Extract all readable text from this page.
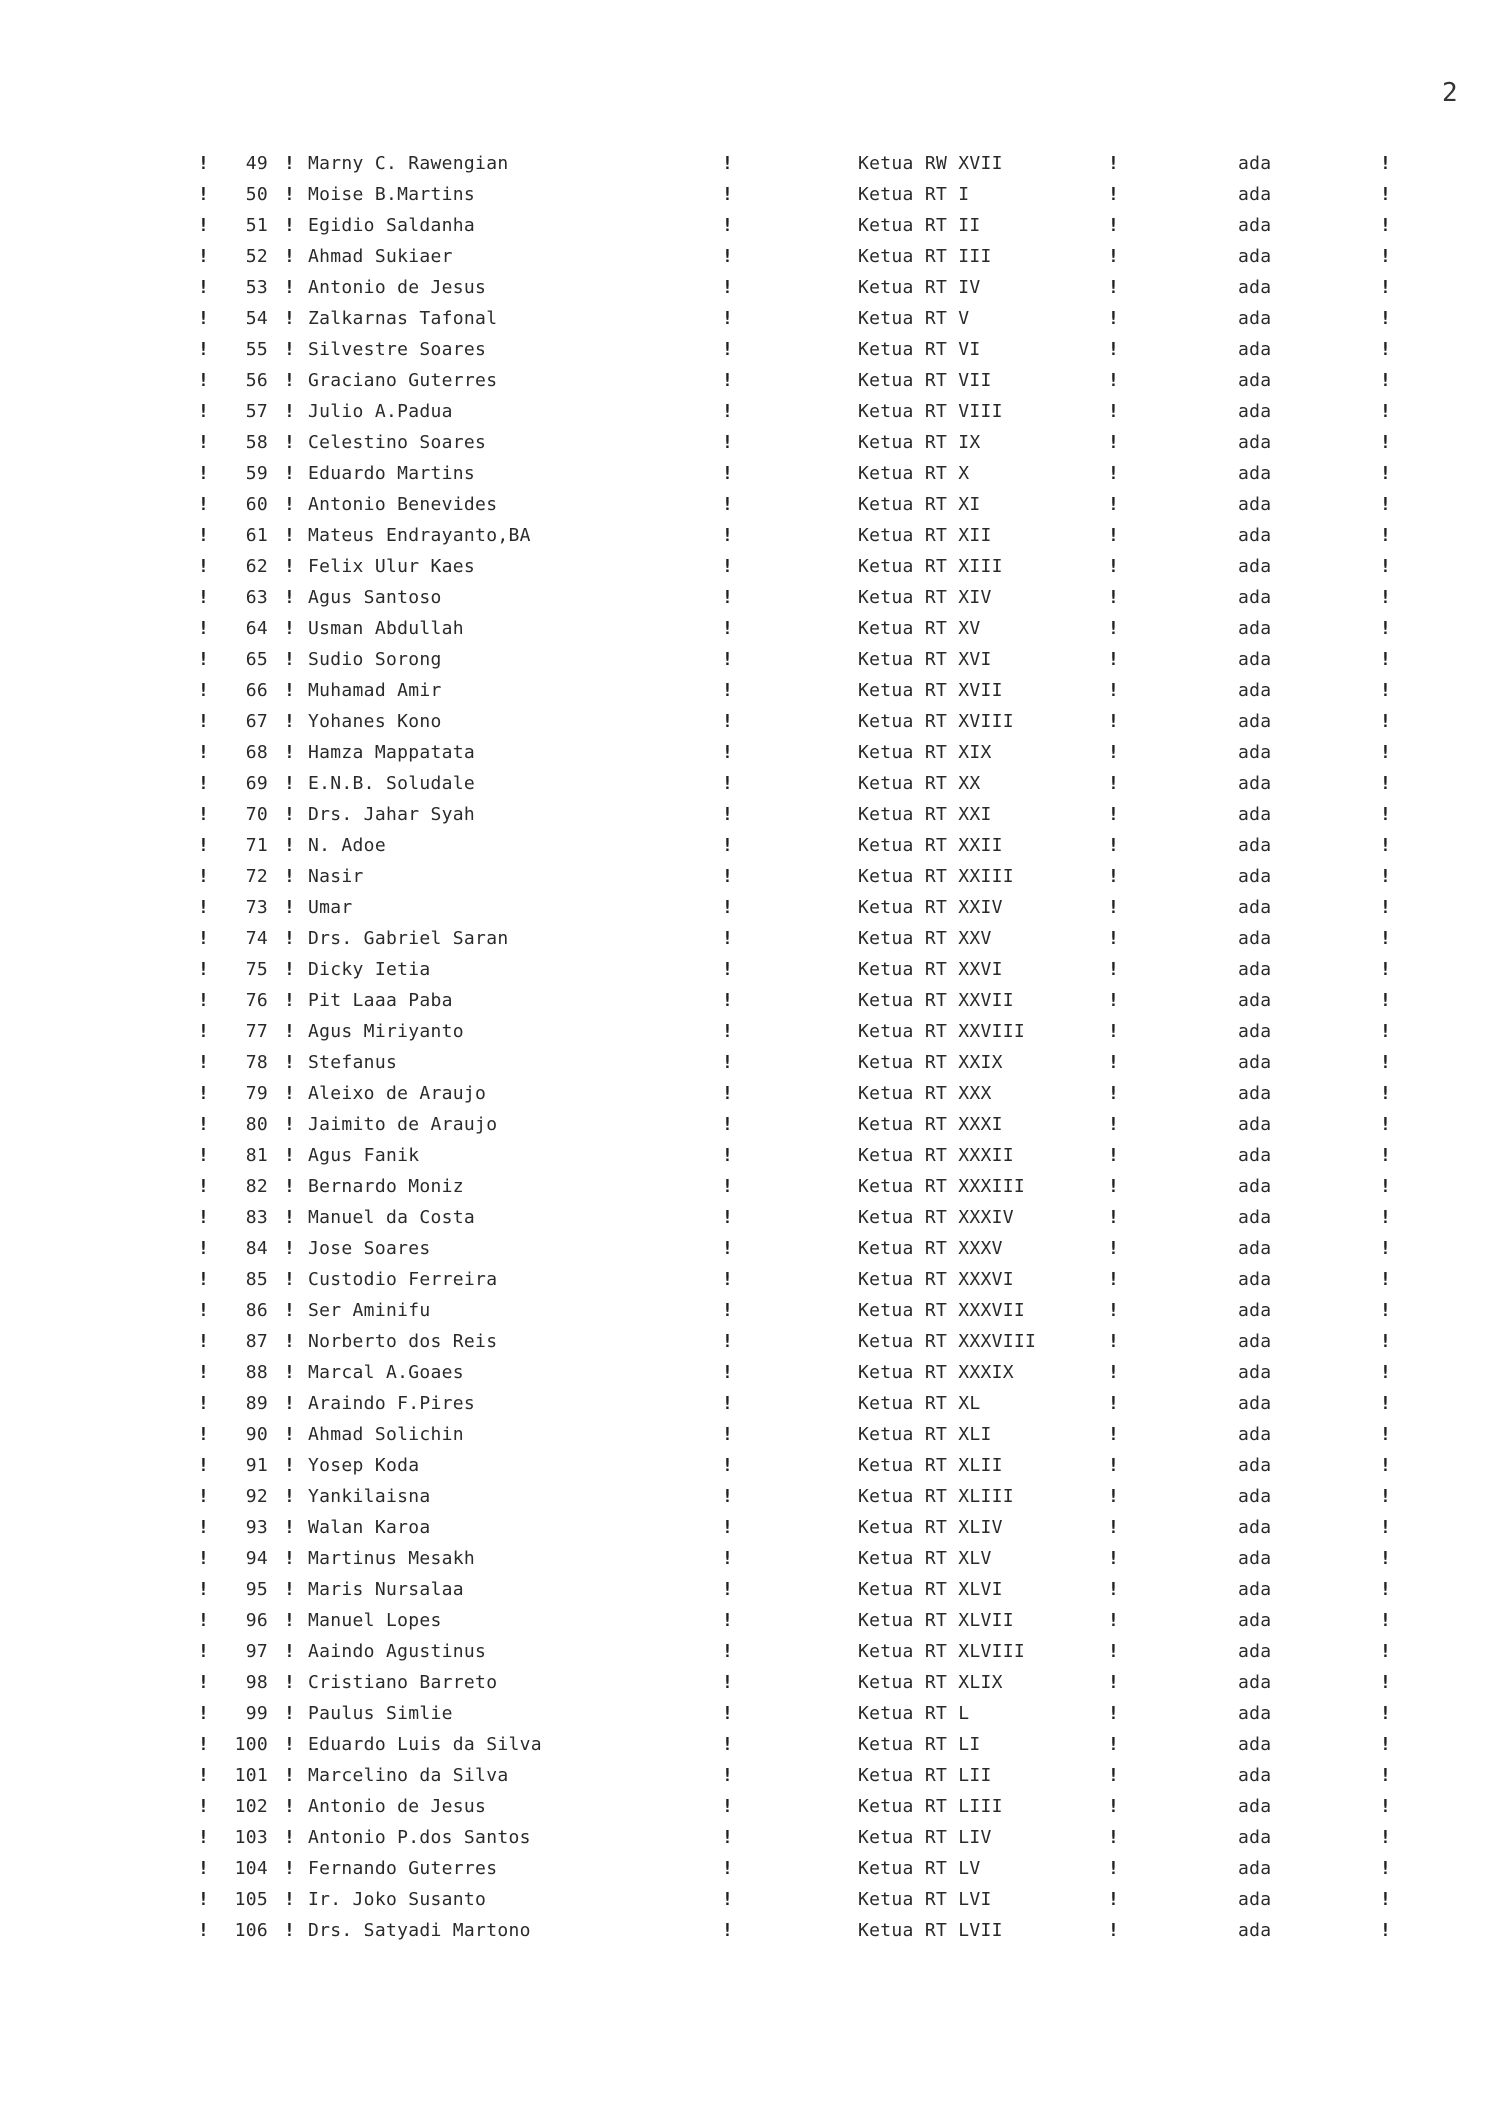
2
!	49 ! Marny C. Rawengian	!	Ketua RW XVII	!	ada	!
!	50 ! Moise B.Martins	!	Ketua RT I	!	ada	!
!	51 ! Egidio Saldanha	!	Ketua RT II	!	ada	!
!	52 ! Ahmad Sukiaer	!	Ketua RT III	!	ada	!
!	53 ! Antonio de Jesus	!	Ketua RT IV	!	ada	!
!	54 ! Zalkarnas Tafonal	!	Ketua RT V	!	ada	!
!	55 ! Silvestre Soares	!	Ketua RT VI	!	ada	!
!	56 ! Graciano Guterres	!	Ketua RT VII	!	ada	!
!	57 ! Julio A.Padua	!	Ketua RT VIII	!	ada	!
!	58 ! Celestino Soares	!	Ketua RT IX	!	ada	!
!	59 ! Eduardo Martins	!	Ketua RT X	!	ada	!
!	60 ! Antonio Benevides	!	Ketua RT XI	!	ada	!
!	61 ! Mateus Endrayanto,BA	!	Ketua RT XII	!	ada	!
!	62 ! Felix Ulur Kaes	!	Ketua RT XIII	!	ada	!
!	63 ! Agus Santoso	!	Ketua RT XIV	!	ada	!
!	64 ! Usman Abdullah	!	Ketua RT XV	!	ada	!
!	65 ! Sudio Sorong	!	Ketua RT XVI	!	ada	!
!	66 ! Muhamad Amir	!	Ketua RT XVII	!	ada	!
!	67 ! Yohanes Kono	!	Ketua RT XVIII	!	ada	!
!	68 ! Hamza Mappatata	!	Ketua RT XIX	!	ada	!
!	69 ! E.N.B. Soludale	!	Ketua RT XX	!	ada	!
!	70 ! Drs. Jahar Syah	!	Ketua RT XXI	!	ada	!
!	71 ! N. Adoe	!	Ketua RT XXII	!	ada	!
!	72 ! Nasir	!	Ketua RT XXIII	!	ada	!
!	73 ! Umar	!	Ketua RT XXIV	!	ada	!
!	74 ! Drs. Gabriel Saran	!	Ketua RT XXV	!	ada	!
!	75 ! Dicky Ietia	!	Ketua RT XXVI	!	ada	!
!	76 ! Pit Laaa Paba	!	Ketua RT XXVII	!	ada	!
!	77 ! Agus Miriyanto	!	Ketua RT XXVIII	!	ada	!
!	78 ! Stefanus	!	Ketua RT XXIX	!	ada	!
!	79 ! Aleixo de Araujo	!	Ketua RT XXX	!	ada	!
!	80 ! Jaimito de Araujo	!	Ketua RT XXXI	!	ada	!
!	81 ! Agus Fanik	!	Ketua RT XXXII	!	ada	!
!	82 ! Bernardo Moniz	!	Ketua RT XXXIII	!	ada	!
!	83 ! Manuel da Costa	!	Ketua RT XXXIV	!	ada	!
!	84 ! Jose Soares	!	Ketua RT XXXV	!	ada	!
!	85 ! Custodio Ferreira	!	Ketua RT XXXVI	!	ada	!
!	86 ! Ser Aminifu	!	Ketua RT XXXVII	!	ada	!
!	87 ! Norberto dos Reis	!	Ketua RT XXXVIII	!	ada	!
!	88 ! Marcal A.Goaes	!	Ketua RT XXXIX	!	ada	!
!	89 ! Araindo F.Pires	!	Ketua RT XL	!	ada	!
!	90 ! Ahmad Solichin	!	Ketua RT XLI	!	ada	!
!	91 ! Yosep Koda	!	Ketua RT XLII	!	ada	!
!	92 ! Yankilaisna	!	Ketua RT XLIII	!	ada	!
!	93 ! Walan Karoa	!	Ketua RT XLIV	!	ada	!
!	94 ! Martinus Mesakh	!	Ketua RT XLV	!	ada	!
!	95 ! Maris Nursalaa	!	Ketua RT XLVI	!	ada	!
!	96 ! Manuel Lopes	!	Ketua RT XLVII	!	ada	!
!	97 ! Aaindo Agustinus	!	Ketua RT XLVIII	!	ada	!
!	98 ! Cristiano Barreto	!	Ketua RT XLIX	!	ada	!
!	99 ! Paulus Simlie	!	Ketua RT L	!	ada	!
!	100 ! Eduardo Luis da Silva	!	Ketua RT LI	!	ada	!
!	101 ! Marcelino da Silva	!	Ketua RT LII	!	ada	!
!	102 ! Antonio de Jesus	!	Ketua RT LIII	!	ada	!
!	103 ! Antonio P.dos Santos	!	Ketua RT LIV	!	ada	!
!	104 ! Fernando Guterres	!	Ketua RT LV	!	ada	!
!	105 ! Ir. Joko Susanto	!	Ketua RT LVI	!	ada	!
!	106 ! Drs. Satyadi Martono	!	Ketua RT LVII	!	ada	!
